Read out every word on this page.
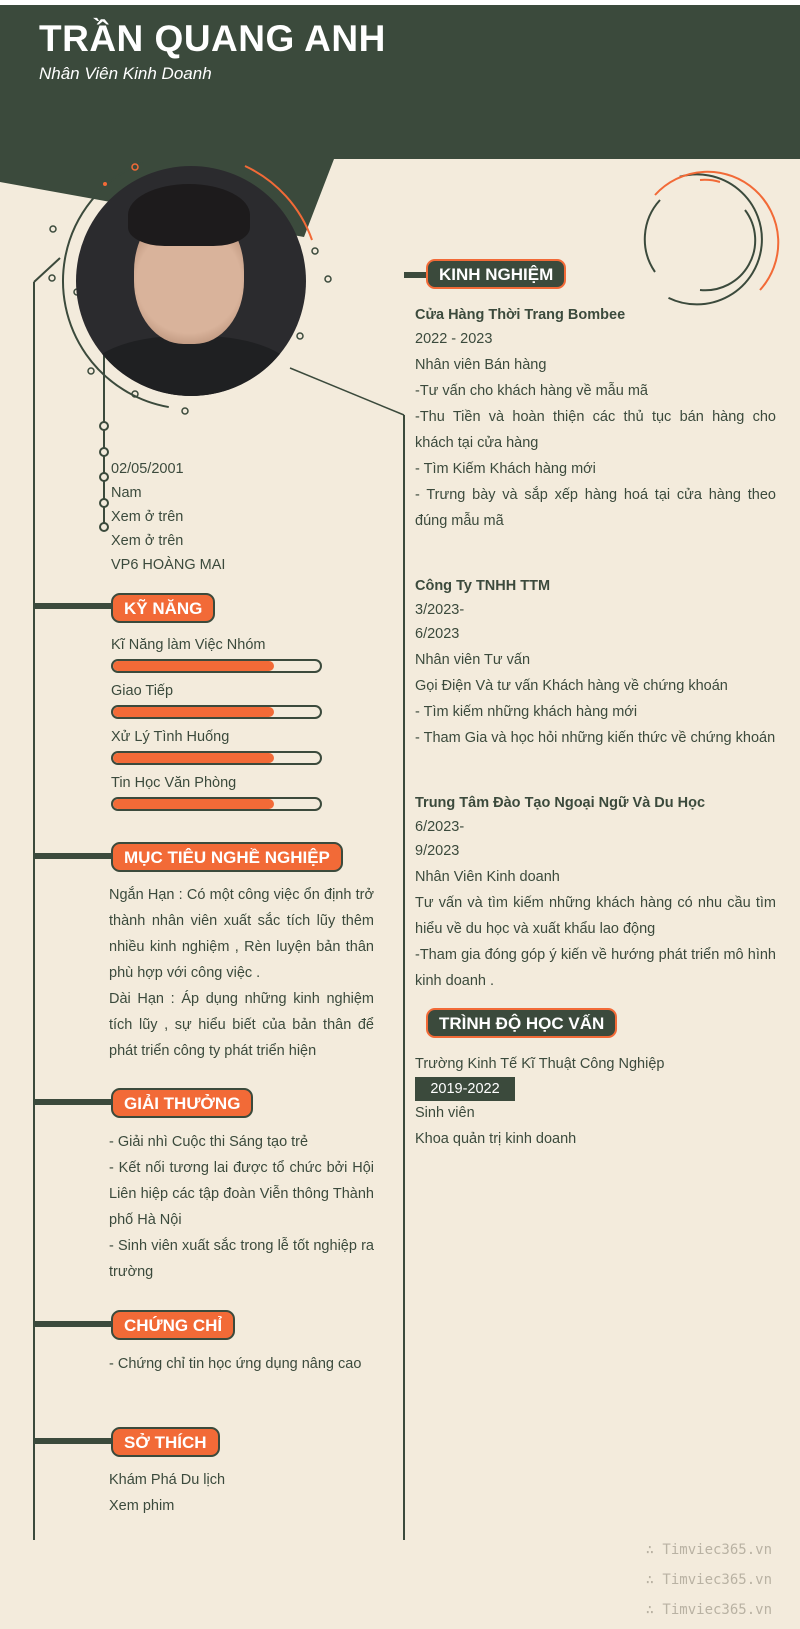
TRẦN QUANG ANH
Nhân Viên Kinh Doanh
02/05/2001
Nam
Xem ở trên
Xem ở trên
VP6 HOÀNG MAI
KỸ NĂNG
Kĩ Năng làm Việc Nhóm
Giao Tiếp
Xử Lý Tình Huống
Tin Học Văn Phòng
MỤC TIÊU NGHỀ NGHIỆP

Ngắn Hạn : Có một công việc ổn định trở thành nhân viên xuất sắc tích lũy thêm nhiều kinh nghiệm , Rèn luyện bản thân phù hợp với công việc .

Dài Hạn : Áp dụng những kinh nghiệm tích lũy , sự hiểu biết của bản thân để phát triển công ty phát triển hiện

GIẢI THƯỞNG

- Giải nhì Cuộc thi Sáng tạo trẻ

- Kết nối tương lai được tổ chức bởi Hội Liên hiệp các tập đoàn Viễn thông Thành phố Hà Nội

- Sinh viên xuất sắc trong lễ tốt nghiệp ra trường

CHỨNG CHỈ

- Chứng chỉ tin học ứng dụng nâng cao

SỞ THÍCH

Khám Phá Du lịch

Xem phim

KINH NGHIỆM
Cửa Hàng Thời Trang Bombee
2022 - 2023
Nhân viên Bán hàng
-Tư vấn cho khách hàng về mẫu mã
-Thu Tiền và hoàn thiện các thủ tục bán hàng cho khách tại cửa hàng
- Tìm Kiếm Khách hàng mới
- Trưng bày và sắp xếp hàng hoá tại cửa hàng theo đúng mẫu mã
Công Ty TNHH TTM
3/2023-
6/2023
Nhân viên Tư vấn
Gọi Điện Và tư vấn Khách hàng về chứng khoán
- Tìm kiếm những khách hàng mới
- Tham Gia và học hỏi những kiến thức về chứng khoán
Trung Tâm Đào Tạo Ngoại Ngữ Và Du Học
6/2023-
9/2023
Nhân Viên Kinh doanh
Tư vấn và tìm kiếm những khách hàng có nhu cầu tìm hiểu về du học và xuất khẩu lao động
-Tham gia đóng góp ý kiến về hướng phát triển mô hình kinh doanh .
TRÌNH ĐỘ HỌC VẤN
Trường Kinh Tế Kĩ Thuật Công Nghiệp
2019-2022
Sinh viên
Khoa quản trị kinh doanh
∴ Timviec365.vn
∴ Timviec365.vn
∴ Timviec365.vn
